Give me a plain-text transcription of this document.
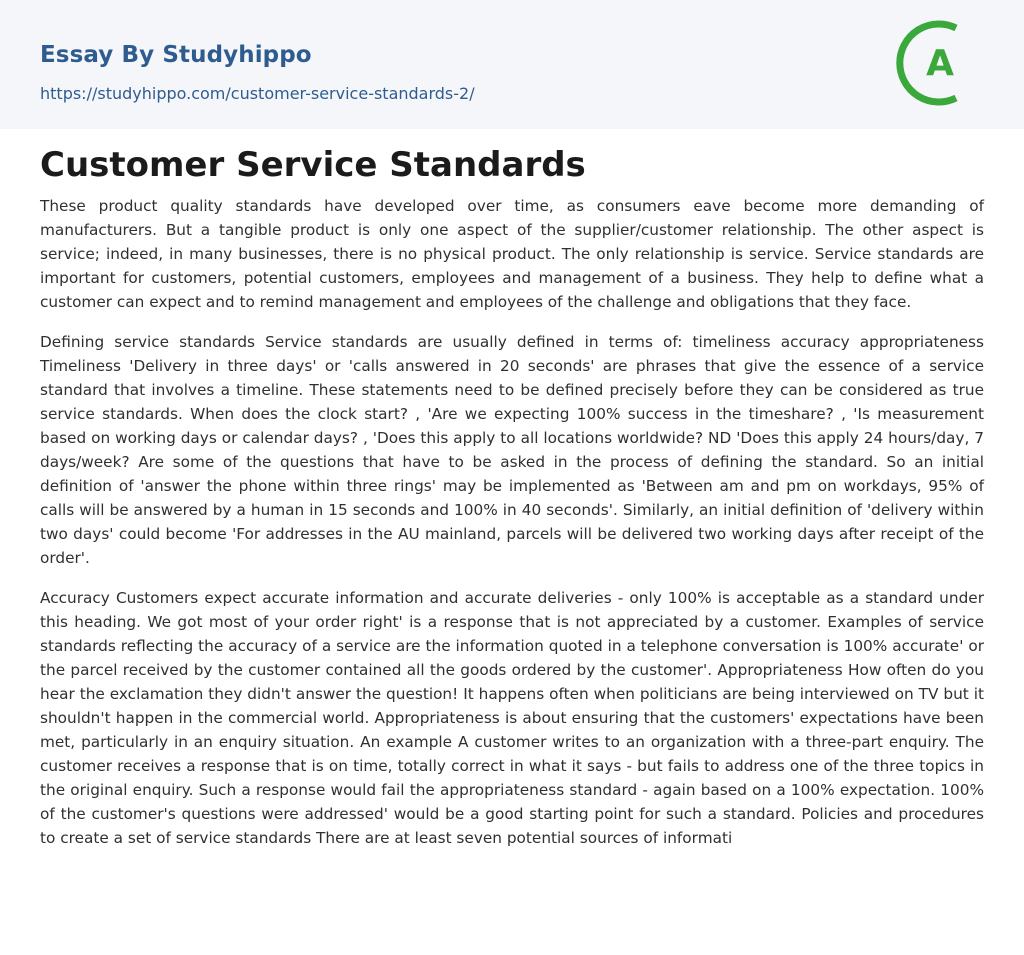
Essay By Studyhippo
https://studyhippo.com/customer-service-standards-2/
A
Customer Service Standards

These product quality standards have developed over time, as consumers eave become more demanding of manufacturers. But a tangible product is only one aspect of the supplier/customer relationship. The other aspect is service; indeed, in many businesses, there is no physical product. The only relationship is service. Service standards are important for customers, potential customers, employees and management of a business. They help to define what a customer can expect and to remind management and employees of the challenge and obligations that they face.

Defining service standards Service standards are usually defined in terms of: timeliness accuracy appropriateness Timeliness 'Delivery in three days' or 'calls answered in 20 seconds' are phrases that give the essence of a service standard that involves a timeline. These statements need to be defined precisely before they can be considered as true service standards. When does the clock start? , 'Are we expecting 100% success in the timeshare? , 'Is measurement based on working days or calendar days? , 'Does this apply to all locations worldwide? ND 'Does this apply 24 hours/day, 7 days/week? Are some of the questions that have to be asked in the process of defining the standard. So an initial definition of 'answer the phone within three rings' may be implemented as 'Between am and pm on workdays, 95% of calls will be answered by a human in 15 seconds and 100% in 40 seconds'. Similarly, an initial definition of 'delivery within two days' could become 'For addresses in the AU mainland, parcels will be delivered two working days after receipt of the order'.

Accuracy Customers expect accurate information and accurate deliveries - only 100% is acceptable as a standard under this heading. We got most of your order right' is a response that is not appreciated by a customer. Examples of service standards reflecting the accuracy of a service are the information quoted in a telephone conversation is 100% accurate' or the parcel received by the customer contained all the goods ordered by the customer'. Appropriateness How often do you hear the exclamation they didn't answer the question! It happens often when politicians are being interviewed on TV but it shouldn't happen in the commercial world. Appropriateness is about ensuring that the customers' expectations have been met, particularly in an enquiry situation. An example A customer writes to an organization with a three-part enquiry. The customer receives a response that is on time, totally correct in what it says - but fails to address one of the three topics in the original enquiry. Such a response would fail the appropriateness standard - again based on a 100% expectation. 100% of the customer's questions were addressed' would be a good starting point for such a standard. Policies and procedures to create a set of service standards There are at least seven potential sources of informati
